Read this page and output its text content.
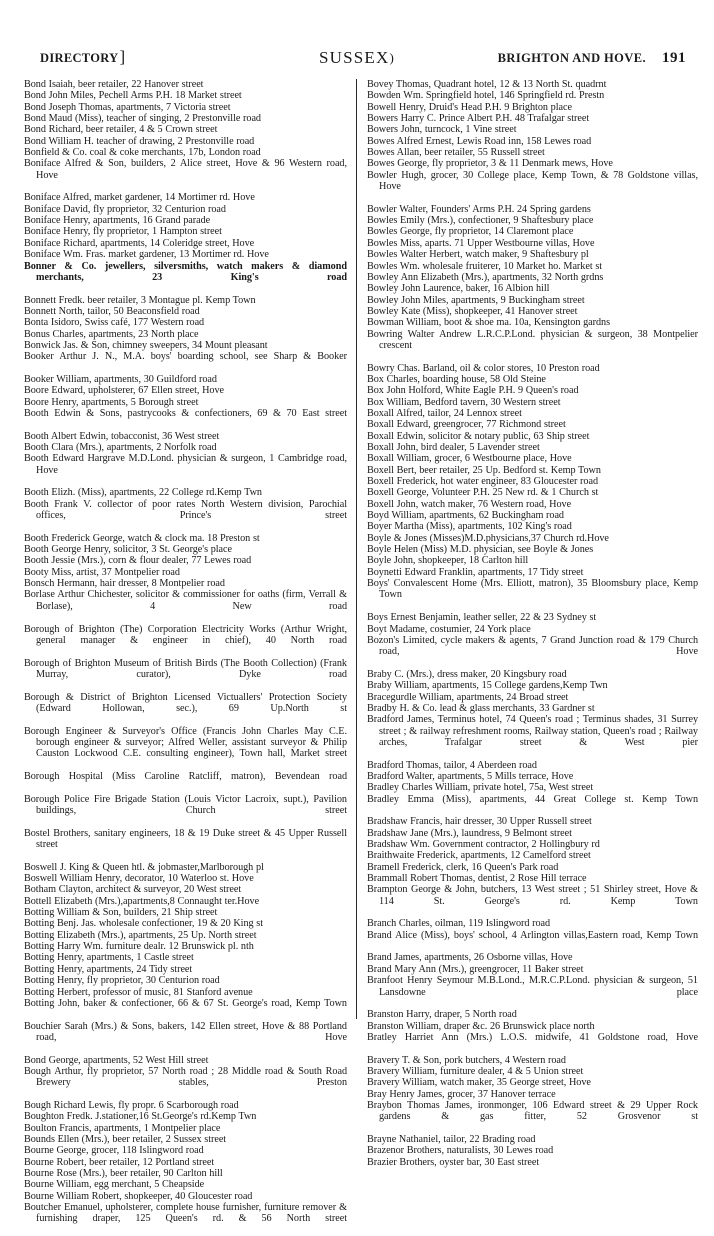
DIRECTORY ]	SUSSEX)	BRIGHTON AND HOVE. 191

Bond Isaiah, beer retailer, 22 Hanover street

Bond John Miles, Pechell Arms P.H. 18 Market street

Bond Joseph Thomas, apartments, 7 Victoria street

Bond Maud (Miss), teacher of singing, 2 Prestonville road

Bond Richard, beer retailer, 4 & 5 Crown street

Bond William H. teacher of drawing, 2 Prestonville road

Bonfield & Co. coal & coke merchants, 17b, London road

Boniface Alfred & Son, builders, 2 Alice street, Hove & 96 Western road, Hove

Boniface Alfred, market gardener, 14 Mortimer rd. Hove

Boniface David, fly proprietor, 32 Centurion road

Boniface Henry, apartments, 16 Grand parade

Boniface Henry, fly proprietor, 1 Hampton street

Boniface Richard, apartments, 14 Coleridge street, Hove

Boniface Wm. Fras. market gardener, 13 Mortimer rd. Hove

Bonner & Co. jewellers, silversmiths, watch makers & diamond merchants, 23 King's road

Bonnett Fredk. beer retailer, 3 Montague pl. Kemp Town

Bonnett North, tailor, 50 Beaconsfield road

Bonta Isidoro, Swiss café, 177 Western road

Bonus Charles, apartments, 23 North place

Bonwick Jas. & Son, chimney sweepers, 34 Mount pleasant

Booker Arthur J. N., M.A. boys' boarding school, see Sharp & Booker

Booker William, apartments, 30 Guildford road

Boore Edward, upholsterer, 67 Ellen street, Hove

Boore Henry, apartments, 5 Borough street

Booth Edwin & Sons, pastrycooks & confectioners, 69 & 70 East street

Booth Albert Edwin, tobacconist, 36 West street

Booth Clara (Mrs.), apartments, 2 Norfolk road

Booth Edward Hargrave M.D.Lond. physician & surgeon, 1 Cambridge road, Hove

Booth Elizh. (Miss), apartments, 22 College rd.Kemp Twn

Booth Frank V. collector of poor rates North Western division, Parochial offices, Prince's street

Booth Frederick George, watch & clock ma. 18 Preston st

Booth George Henry, solicitor, 3 St. George's place

Booth Jessie (Mrs.), corn & flour dealer, 77 Lewes road

Booty Miss, artist, 37 Montpelier road

Bonsch Hermann, hair dresser, 8 Montpelier road

Borlase Arthur Chichester, solicitor & commissioner for oaths (firm, Verrall & Borlase), 4 New road

Borough of Brighton (The) Corporation Electricity Works (Arthur Wright, general manager & engineer in chief), 40 North road

Borough of Brighton Museum of British Birds (The Booth Collection) (Frank Murray, curator), Dyke road

Borough & District of Brighton Licensed Victuallers' Protection Society (Edward Hollowan, sec.), 69 Up.North st

Borough Engineer & Surveyor's Office (Francis John Charles May C.E. borough engineer & surveyor; Alfred Weller, assistant surveyor & Philip Causton Lockwood C.E. consulting engineer), Town hall, Market street

Borough Hospital (Miss Caroline Ratcliff, matron), Bevendean road

Borough Police Fire Brigade Station (Louis Victor Lacroix, supt.), Pavilion buildings, Church street

Bostel Brothers, sanitary engineers, 18 & 19 Duke street & 45 Upper Russell street

Boswell J. King & Queen htl. & jobmaster,Marlborough pl

Boswell William Henry, decorator, 10 Waterloo st. Hove

Botham Clayton, architect & surveyor, 20 West street

Bottell Elizabeth (Mrs.),apartments,8 Connaught ter.Hove

Botting William & Son, builders, 21 Ship street

Botting Benj. Jas. wholesale confectioner, 19 & 20 King st

Botting Elizabeth (Mrs.), apartments, 25 Up. North street

Botting Harry Wm. furniture dealr. 12 Brunswick pl. nth

Botting Henry, apartments, 1 Castle street

Botting Henry, apartments, 24 Tidy street

Botting Henry, fly proprietor, 30 Centurion road

Botting Herbert, professor of music, 81 Stanford avenue

Botting John, baker & confectioner, 66 & 67 St. George's road, Kemp Town

Bouchier Sarah (Mrs.) & Sons, bakers, 142 Ellen street, Hove & 88 Portland road, Hove

Bond George, apartments, 52 West Hill street

Bough Arthur, fly proprietor, 57 North road ; 28 Middle road & South Road Brewery stables, Preston

Bough Richard Lewis, fly propr. 6 Scarborough road

Boughton Fredk. J.stationer,16 St.George's rd.Kemp Twn

Boulton Francis, apartments, 1 Montpelier place

Bounds Ellen (Mrs.), beer retailer, 2 Sussex street

Bourne George, grocer, 118 Islingword road

Bourne Robert, beer retailer, 12 Portland street

Bourne Rose (Mrs.), beer retailer, 90 Carlton hill

Bourne William, egg merchant, 5 Cheapside

Bourne William Robert, shopkeeper, 40 Gloucester road

Boutcher Emanuel, upholsterer, complete house furnisher, furniture remover & furnishing draper, 125 Queen's rd. & 56 North street

Bovey Thomas, Quadrant hotel, 12 & 13 North St. quadrnt

Bowden Wm. Springfield hotel, 146 Springfield rd. Prestn

Bowell Henry, Druid's Head P.H. 9 Brighton place

Bowers Harry C. Prince Albert P.H. 48 Trafalgar street

Bowers John, turncock, 1 Vine street

Bowes Alfred Ernest, Lewis Road inn, 158 Lewes road

Bowes Allan, beer retailer, 55 Russell street

Bowes George, fly proprietor, 3 & 11 Denmark mews, Hove

Bowler Hugh, grocer, 30 College place, Kemp Town, & 78 Goldstone villas, Hove

Bowler Walter, Founders' Arms P.H. 24 Spring gardens

Bowles Emily (Mrs.), confectioner, 9 Shaftesbury place

Bowles George, fly proprietor, 14 Claremont place

Bowles Miss, aparts. 71 Upper Westbourne villas, Hove

Bowles Walter Herbert, watch maker, 9 Shaftesbury pl

Bowles Wm. wholesale fruiterer, 10 Market ho. Market st

Bowley Ann Elizabeth (Mrs.), apartments, 32 North grdns

Bowley John Laurence, baker, 16 Albion hill

Bowley John Miles, apartments, 9 Buckingham street

Bowley Kate (Miss), shopkeeper, 41 Hanover street

Bowman William, boot & shoe ma. 10a, Kensington gardns

Bowring Walter Andrew L.R.C.P.Lond. physician & surgeon, 38 Montpelier crescent

Bowry Chas. Barland, oil & color stores, 10 Preston road

Box Charles, boarding house, 58 Old Steine

Box John Holford, White Eagle P.H. 9 Queen's road

Box William, Bedford tavern, 30 Western street

Boxall Alfred, tailor, 24 Lennox street

Boxall Edward, greengrocer, 77 Richmond street

Boxall Edwin, solicitor & notary public, 63 Ship street

Boxall John, bird dealer, 5 Lavender street

Boxall William, grocer, 6 Westbourne place, Hove

Boxell Bert, beer retailer, 25 Up. Bedford st. Kemp Town

Boxell Frederick, hot water engineer, 83 Gloucester road

Boxell George, Volunteer P.H. 25 New rd. & 1 Church st

Boxell John, watch maker, 76 Western road, Hove

Boyd William, apartments, 62 Buckingham road

Boyer Martha (Miss), apartments, 102 King's road

Boyle & Jones (Misses)M.D.physicians,37 Church rd.Hove

Boyle Helen (Miss) M.D. physician, see Boyle & Jones

Boyle John, shopkeeper, 18 Carlton hill

Boynetti Edward Franklin, apartments, 17 Tidy street

Boys' Convalescent Home (Mrs. Elliott, matron), 35 Bloomsbury place, Kemp Town

Boys Ernest Benjamin, leather seller, 22 & 23 Sydney st

Boyt Madame, costumier, 24 York place

Bozon's Limited, cycle makers & agents, 7 Grand Junction road & 179 Church road, Hove

Braby C. (Mrs.), dress maker, 20 Kingsbury road

Braby William, apartments, 15 College gardens,Kemp Twn

Bracegurdle William, apartments, 24 Broad street

Bradby H. & Co. lead & glass merchants, 33 Gardner st

Bradford James, Terminus hotel, 74 Queen's road ; Terminus shades, 31 Surrey street ; & railway refreshment rooms, Railway station, Queen's road ; Railway arches, Trafalgar street & West pier

Bradford Thomas, tailor, 4 Aberdeen road

Bradford Walter, apartments, 5 Mills terrace, Hove

Bradley Charles William, private hotel, 75a, West street

Bradley Emma (Miss), apartments, 44 Great College st. Kemp Town

Bradshaw Francis, hair dresser, 30 Upper Russell street

Bradshaw Jane (Mrs.), laundress, 9 Belmont street

Bradshaw Wm. Government contractor, 2 Hollingbury rd

Braithwaite Frederick, apartments, 12 Camelford street

Bramell Frederick, clerk, 16 Queen's Park road

Brammall Robert Thomas, dentist, 2 Rose Hill terrace

Brampton George & John, butchers, 13 West street ; 51 Shirley street, Hove & 114 St. George's rd. Kemp Town

Branch Charles, oilman, 119 Islingword road

Brand Alice (Miss), boys' school, 4 Arlington villas,Eastern road, Kemp Town

Brand James, apartments, 26 Osborne villas, Hove

Brand Mary Ann (Mrs.), greengrocer, 11 Baker street

Branfoot Henry Seymour M.B.Lond., M.R.C.P.Lond. physician & surgeon, 51 Lansdowne place

Branston Harry, draper, 5 North road

Branston William, draper &c. 26 Brunswick place north

Bratley Harriet Ann (Mrs.) L.O.S. midwife, 41 Goldstone road, Hove

Bravery T. & Son, pork butchers, 4 Western road

Bravery William, furniture dealer, 4 & 5 Union street

Bravery William, watch maker, 35 George street, Hove

Bray Henry James, grocer, 37 Hanover terrace

Braybon Thomas James, ironmonger, 106 Edward street & 29 Upper Rock gardens & gas fitter, 52 Grosvenor st

Brayne Nathaniel, tailor, 22 Brading road

Brazenor Brothers, naturalists, 30 Lewes road

Brazier Brothers, oyster bar, 30 East street
